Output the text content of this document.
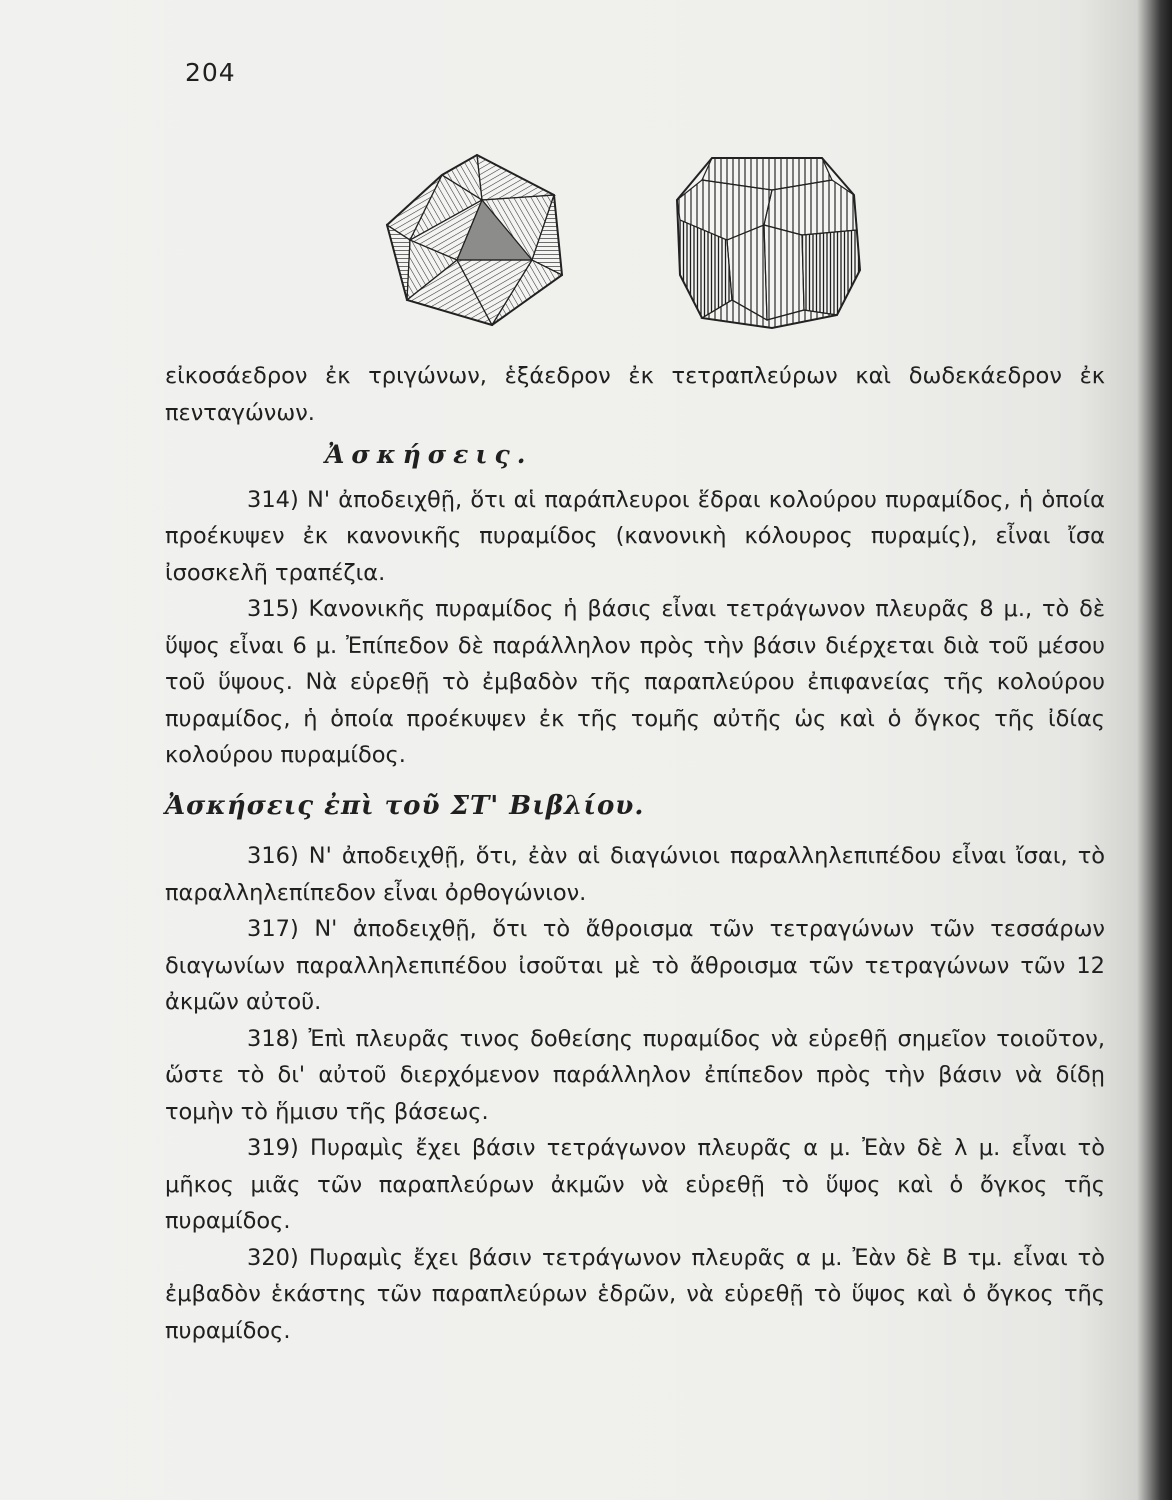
204

εἰκοσάεδρον ἐκ τριγώνων, ἑξάεδρον ἐκ τετραπλεύρων καὶ δωδεκάεδρον ἐκ πενταγώνων.

Ἀσκήσεις.

314) Ν' ἀποδειχθῇ, ὅτι αἱ παράπλευροι ἕδραι κολούρου πυραμίδος, ἡ ὁποία προέκυψεν ἐκ κανονικῆς πυραμίδος (κανονικὴ κόλουρος πυραμίς), εἶναι ἴσα ἰσοσκελῆ τραπέζια.

315) Κανονικῆς πυραμίδος ἡ βάσις εἶναι τετράγωνον πλευρᾶς 8 μ., τὸ δὲ ὕψος εἶναι 6 μ. Ἐπίπεδον δὲ παράλληλον πρὸς τὴν βάσιν διέρχεται διὰ τοῦ μέσου τοῦ ὕψους. Νὰ εὑρεθῇ τὸ ἐμβαδὸν τῆς παραπλεύρου ἐπιφανείας τῆς κολούρου πυραμίδος, ἡ ὁποία προέκυψεν ἐκ τῆς τομῆς αὐτῆς ὡς καὶ ὁ ὄγκος τῆς ἰδίας κολούρου πυραμίδος.

Ἀσκήσεις ἐπὶ τοῦ ΣΤ' Βιβλίου.

316) Ν' ἀποδειχθῇ, ὅτι, ἐὰν αἱ διαγώνιοι παραλληλεπιπέδου εἶναι ἴσαι, τὸ παραλληλεπίπεδον εἶναι ὀρθογώνιον.

317) Ν' ἀποδειχθῇ, ὅτι τὸ ἄθροισμα τῶν τετραγώνων τῶν τεσσάρων διαγωνίων παραλληλεπιπέδου ἰσοῦται μὲ τὸ ἄθροισμα τῶν τετραγώνων τῶν 12 ἀκμῶν αὐτοῦ.

318) Ἐπὶ πλευρᾶς τινος δοθείσης πυραμίδος νὰ εὑρεθῇ σημεῖον τοιοῦτον, ὥστε τὸ δι' αὐτοῦ διερχόμενον παράλληλον ἐπίπεδον πρὸς τὴν βάσιν νὰ δίδῃ τομὴν τὸ ἥμισυ τῆς βάσεως.

319) Πυραμὶς ἔχει βάσιν τετράγωνον πλευρᾶς α μ. Ἐὰν δὲ λ μ. εἶναι τὸ μῆκος μιᾶς τῶν παραπλεύρων ἀκμῶν νὰ εὑρεθῇ τὸ ὕψος καὶ ὁ ὄγκος τῆς πυραμίδος.

320) Πυραμὶς ἔχει βάσιν τετράγωνον πλευρᾶς α μ. Ἐὰν δὲ Β τμ. εἶναι τὸ ἐμβαδὸν ἑκάστης τῶν παραπλεύρων ἑδρῶν, νὰ εὑρεθῇ τὸ ὕψος καὶ ὁ ὄγκος τῆς πυραμίδος.
